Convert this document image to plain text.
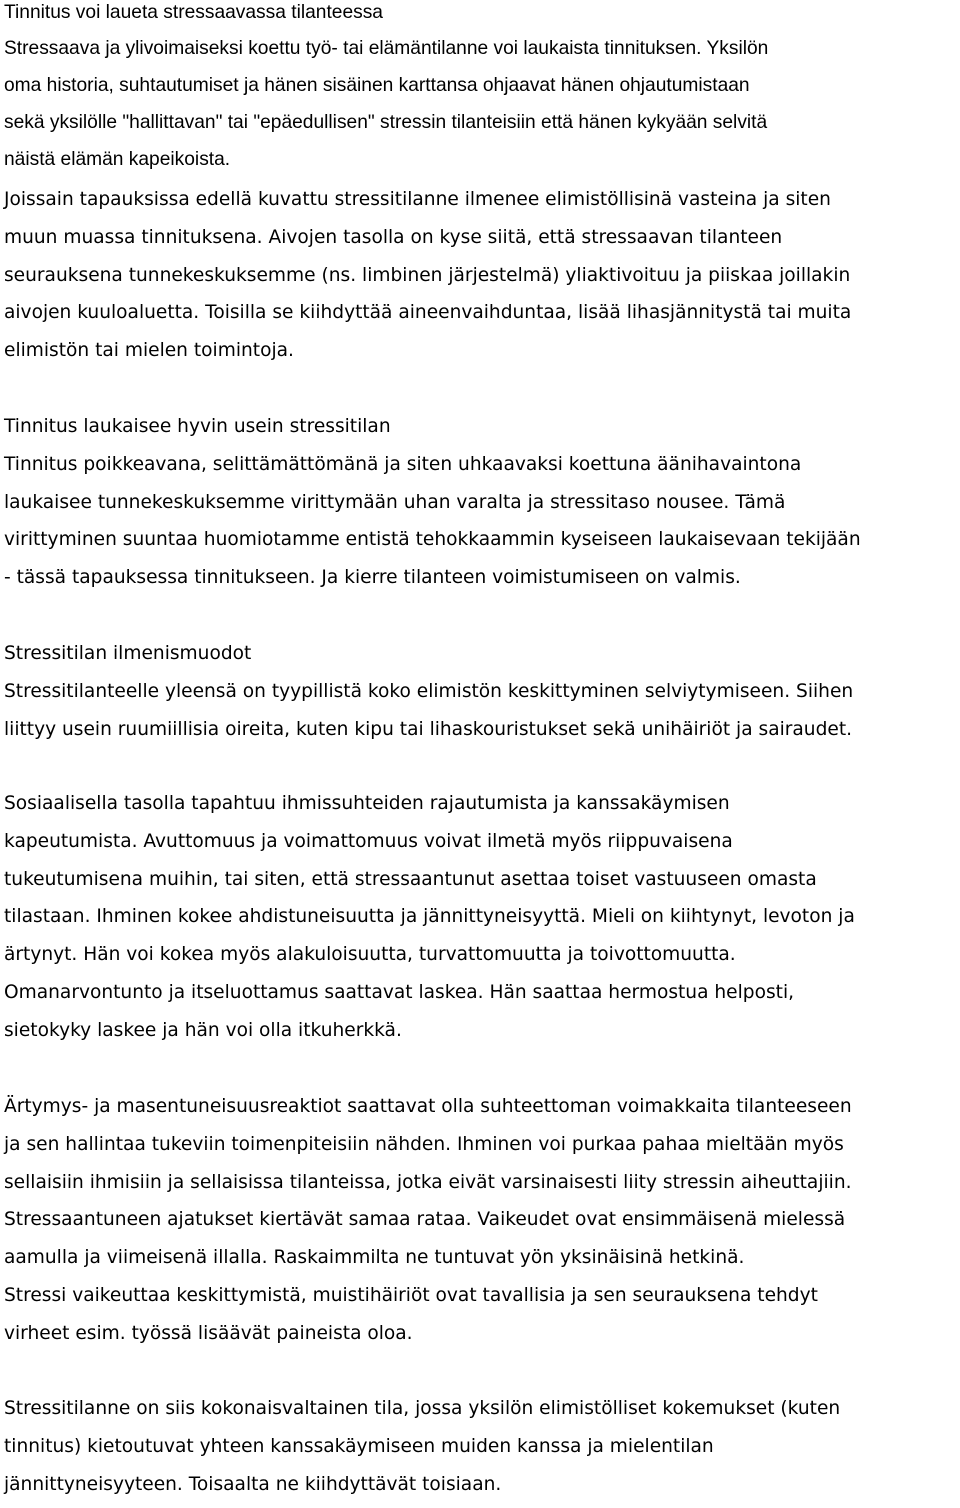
Tinnitus voi laueta stressaavassa tilanteessa
Stressaava ja ylivoimaiseksi koettu työ- tai elämäntilanne voi laukaista tinnituksen. Yksilön
oma historia, suhtautumiset ja hänen sisäinen karttansa ohjaavat hänen ohjautumistaan
sekä yksilölle "hallittavan" tai "epäedullisen" stressin tilanteisiin että hänen kykyään selvitä
näistä elämän kapeikoista.
Joissain tapauksissa edellä kuvattu stressitilanne ilmenee elimistöllisinä vasteina ja siten
muun muassa tinnituksena. Aivojen tasolla on kyse siitä, että stressaavan tilanteen
seurauksena tunnekeskuksemme (ns. limbinen järjestelmä) yliaktivoituu ja piiskaa joillakin
aivojen kuuloaluetta. Toisilla se kiihdyttää aineenvaihduntaa, lisää lihasjännitystä tai muita
elimistön tai mielen toimintoja.
Tinnitus laukaisee hyvin usein stressitilan
Tinnitus poikkeavana, selittämättömänä ja siten uhkaavaksi koettuna äänihavaintona
laukaisee tunnekeskuksemme virittymään uhan varalta ja stressitaso nousee. Tämä
virittyminen suuntaa huomiotamme entistä tehokkaammin kyseiseen laukaisevaan tekijään
- tässä tapauksessa tinnitukseen. Ja kierre tilanteen voimistumiseen on valmis.
Stressitilan ilmenismuodot
Stressitilanteelle yleensä on tyypillistä koko elimistön keskittyminen selviytymiseen. Siihen
liittyy usein ruumiillisia oireita, kuten kipu tai lihaskouristukset sekä unihäiriöt ja sairaudet.
Sosiaalisella tasolla tapahtuu ihmissuhteiden rajautumista ja kanssakäymisen
kapeutumista. Avuttomuus ja voimattomuus voivat ilmetä myös riippuvaisena
tukeutumisena muihin, tai siten, että stressaantunut asettaa toiset vastuuseen omasta
tilastaan. Ihminen kokee ahdistuneisuutta ja jännittyneisyyttä. Mieli on kiihtynyt, levoton ja
ärtynyt. Hän voi kokea myös alakuloisuutta, turvattomuutta ja toivottomuutta.
Omanarvontunto ja itseluottamus saattavat laskea. Hän saattaa hermostua helposti,
sietokyky laskee ja hän voi olla itkuherkkä.
Ärtymys- ja masentuneisuusreaktiot saattavat olla suhteettoman voimakkaita tilanteeseen
ja sen hallintaa tukeviin toimenpiteisiin nähden. Ihminen voi purkaa pahaa mieltään myös
sellaisiin ihmisiin ja sellaisissa tilanteissa, jotka eivät varsinaisesti liity stressin aiheuttajiin.
Stressaantuneen ajatukset kiertävät samaa rataa. Vaikeudet ovat ensimmäisenä mielessä
aamulla ja viimeisenä illalla. Raskaimmilta ne tuntuvat yön yksinäisinä hetkinä.
Stressi vaikeuttaa keskittymistä, muistihäiriöt ovat tavallisia ja sen seurauksena tehdyt
virheet esim. työssä lisäävät paineista oloa.
Stressitilanne on siis kokonaisvaltainen tila, jossa yksilön elimistölliset kokemukset (kuten
tinnitus) kietoutuvat yhteen kanssakäymiseen muiden kanssa ja mielentilan
jännittyneisyyteen. Toisaalta ne kiihdyttävät toisiaan.
